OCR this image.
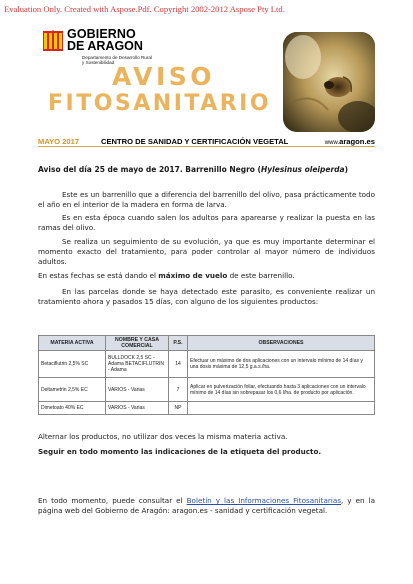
Evaluation Only. Created with Aspose.Pdf. Copyright 2002-2012 Aspose Pty Ltd.
GOBIERNO
DE ARAGON
Departamento de Desarrollo Rural
y Sostenibilidad
AVISO
FITOSANITARIO
MAYO 2017	CENTRO DE SANIDAD Y CERTIFICACIÓN VEGETAL	www.aragon.es
Aviso del día 25 de mayo de 2017. Barrenillo Negro (Hylesinus oleiperda)
Este es un barrenillo que a diferencia del barrenillo del olivo, pasa prácticamente todo el año en el interior de la madera en forma de larva.
Es en esta época cuando salen los adultos para aparearse y realizar la puesta en las ramas del olivo.
Se realiza un seguimiento de su evolución, ya que es muy importante determinar el momento exacto del tratamiento, para poder controlar al mayor número de individuos adultos.
En estas fechas se está dando el máximo de vuelo de este barrenillo.
En las parcelas donde se haya detectado este parasito, es conveniente realizar un tratamiento ahora y pasados 15 días, con alguno de los siguientes productos:
MATERIA ACTIVA	NOMBRE Y CASA COMERCIAL	P.S.	OBSERVACIONES
Betaciflutrin 2,5% SC	BULLDOCK 2,5 SC - Adama BETACIFLUTRIN - Adama	14	Efectuar un máximo de dos aplicaciones con un intervalo mínimo de 14 días y una dosis máxima de 12,5 g.a.s./ha.
Deltametrin 2,5% EC	VARIOS - Varias	7	Aplicar en pulverización foliar, efectuando hasta 3 aplicaciones con un intervalo mínimo de 14 días sin sobrepasar los 0,6 l/ha. de producto por aplicación.
Dimetoato 40% EC	VARIOS - Varias	NP	
Alternar los productos, no utilizar dos veces la misma materia activa.
Seguir en todo momento las indicaciones de la etiqueta del producto.
En todo momento, puede consultar el Boletín y las Informaciones Fitosanitarias, y en la página web del Gobierno de Aragón: aragon.es - sanidad y certificación vegetal.
